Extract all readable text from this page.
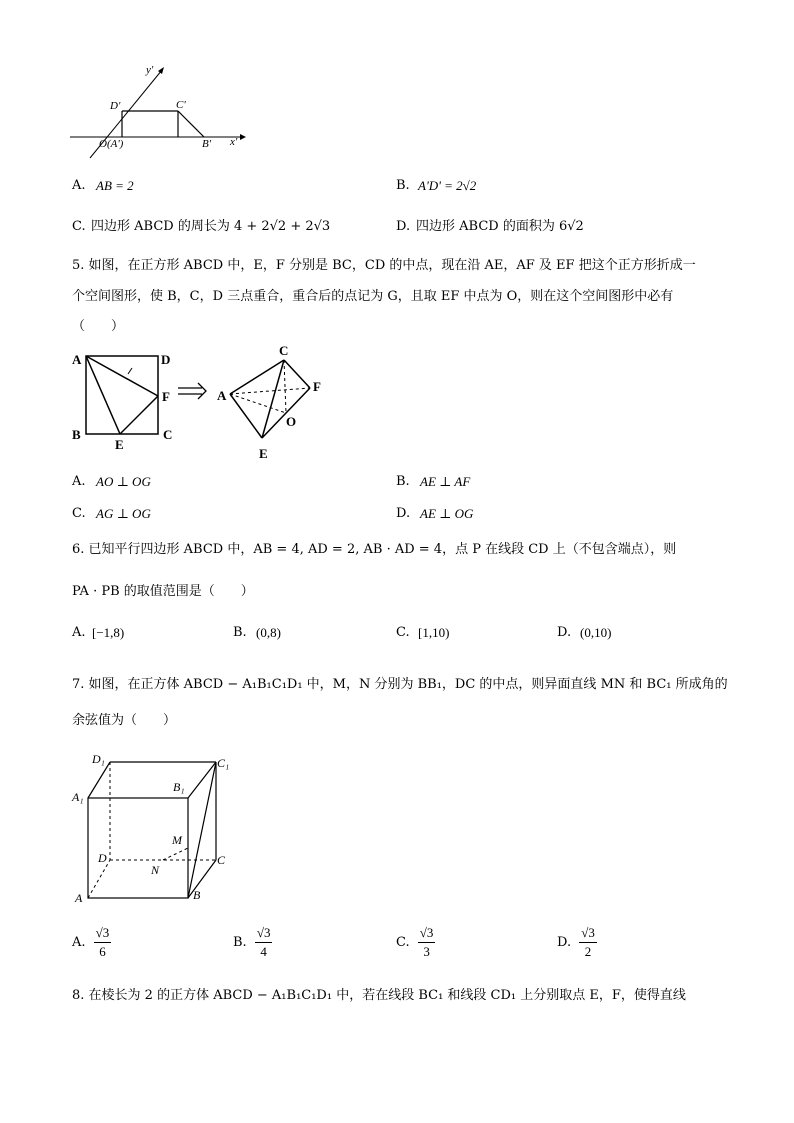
y'
x'
D'	C'
O(A')	B'
A. AB = 2	B. A'D' = 2√2
C. 四边形 ABCD 的周长为 4 + 2√2 + 2√3	D. 四边形 ABCD 的面积为 6√2
5. 如图，在正方形 ABCD 中，E，F 分别是 BC，CD 的中点，现在沿 AE，AF 及 EF 把这个正方形折成一
个空间图形，使 B，C，D 三点重合，重合后的点记为 G，且取 EF 中点为 O，则在这个空间图形中必有
（　　）
A	D
F
B
E
C
C
A
F
O
E
A. AO ⊥ OG	B. AE ⊥ AF
C. AG ⊥ OG	D. AE ⊥ OG
6. 已知平行四边形 ABCD 中，AB = 4, AD = 2, AB · AD = 4，点 P 在线段 CD 上（不包含端点），则
PA · PB 的取值范围是（　　）
A. [−1,8)	B. (0,8)	C. [1,10)	D. (0,10)
7. 如图，在正方体 ABCD − A₁B₁C₁D₁ 中，M，N 分别为 BB₁，DC 的中点，则异面直线 MN 和 BC₁ 所成角的
余弦值为（　　）
D₁	C₁
A₁
B₁
M
D	C
N
A	B
A. $\frac{√3}{6}$	B. $\frac{√3}{4}$	C. $\frac{√3}{3}$	D. $\frac{√3}{2}$
8. 在棱长为 2 的正方体 ABCD − A₁B₁C₁D₁ 中，若在线段 BC₁ 和线段 CD₁ 上分别取点 E，F，使得直线
